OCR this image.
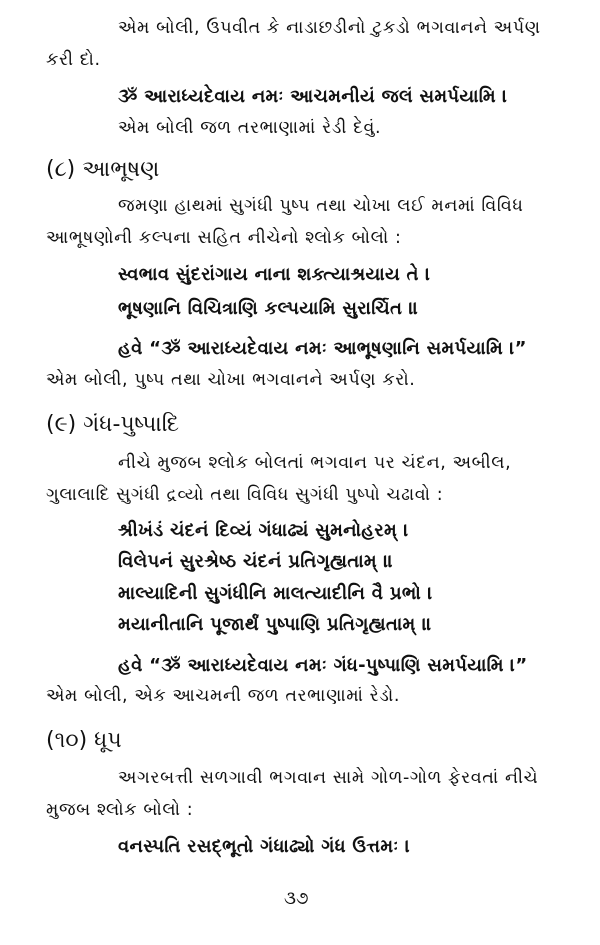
એમ બોલી, ઉપવીત કે નાડાછડીનો ટુકડો ભગવાનને અર્પણ
કરી દો.
ૐ આરાધ્યદેવાય નમઃ આચમનીયં જલં સમર્પયામિ ।
એમ બોલી જળ તરભાણામાં રેડી દેવું.
(૮) આભૂષણ
જમણા હાથમાં સુગંધી પુષ્પ તથા ચોખા લઈ મનમાં વિવિધ
આભૂષણોની કલ્પના સહિત નીચેનો શ્લોક બોલો :
સ્વભાવ સુંદરાંગાય નાના શક્ત્યાશ્રયાય તે ।
ભૂષણાનિ વિચિત્રાણિ કલ્પયામિ સુરાર્ચિત ॥
હવે “ૐ આરાધ્યદેવાય નમઃ આભૂષણાનિ સમર્પયામિ ।”
એમ બોલી, પુષ્પ તથા ચોખા ભગવાનને અર્પણ કરો.
(૯) ગંધ-પુષ્પાદિ
નીચે મુજબ શ્લોક બોલતાં ભગવાન પર ચંદન, અબીલ,
ગુલાલાદિ સુગંધી દ્રવ્યો તથા વિવિધ સુગંધી પુષ્પો ચઢાવો :
શ્રીખંડં ચંદનં દિવ્યં ગંધાઢ્યં સુમનોહરમ્ ।
વિલેપનં સુરશ્રેષ્ઠ ચંદનં પ્રતિગૃહ્યતામ્ ॥
માલ્યાદિની સુગંધીનિ માલત્યાદીનિ વૈ પ્રભો ।
મયાનીતાનિ પૂજાર્થં પુષ્પાણિ પ્રતિગૃહ્યતામ્ ॥
હવે “ૐ આરાધ્યદેવાય નમઃ ગંધ-પુષ્પાણિ સમર્પયામિ ।”
એમ બોલી, એક આચમની જળ તરભાણામાં રેડો.
(૧૦) ધૂપ
અગરબત્તી સળગાવી ભગવાન સામે ગોળ-ગોળ ફેરવતાં નીચે
મુજબ શ્લોક બોલો :
વનસ્પતિ રસદ્‌ભૂતો ગંધાઢ્યો ગંધ ઉત્તમઃ ।
૩૭
